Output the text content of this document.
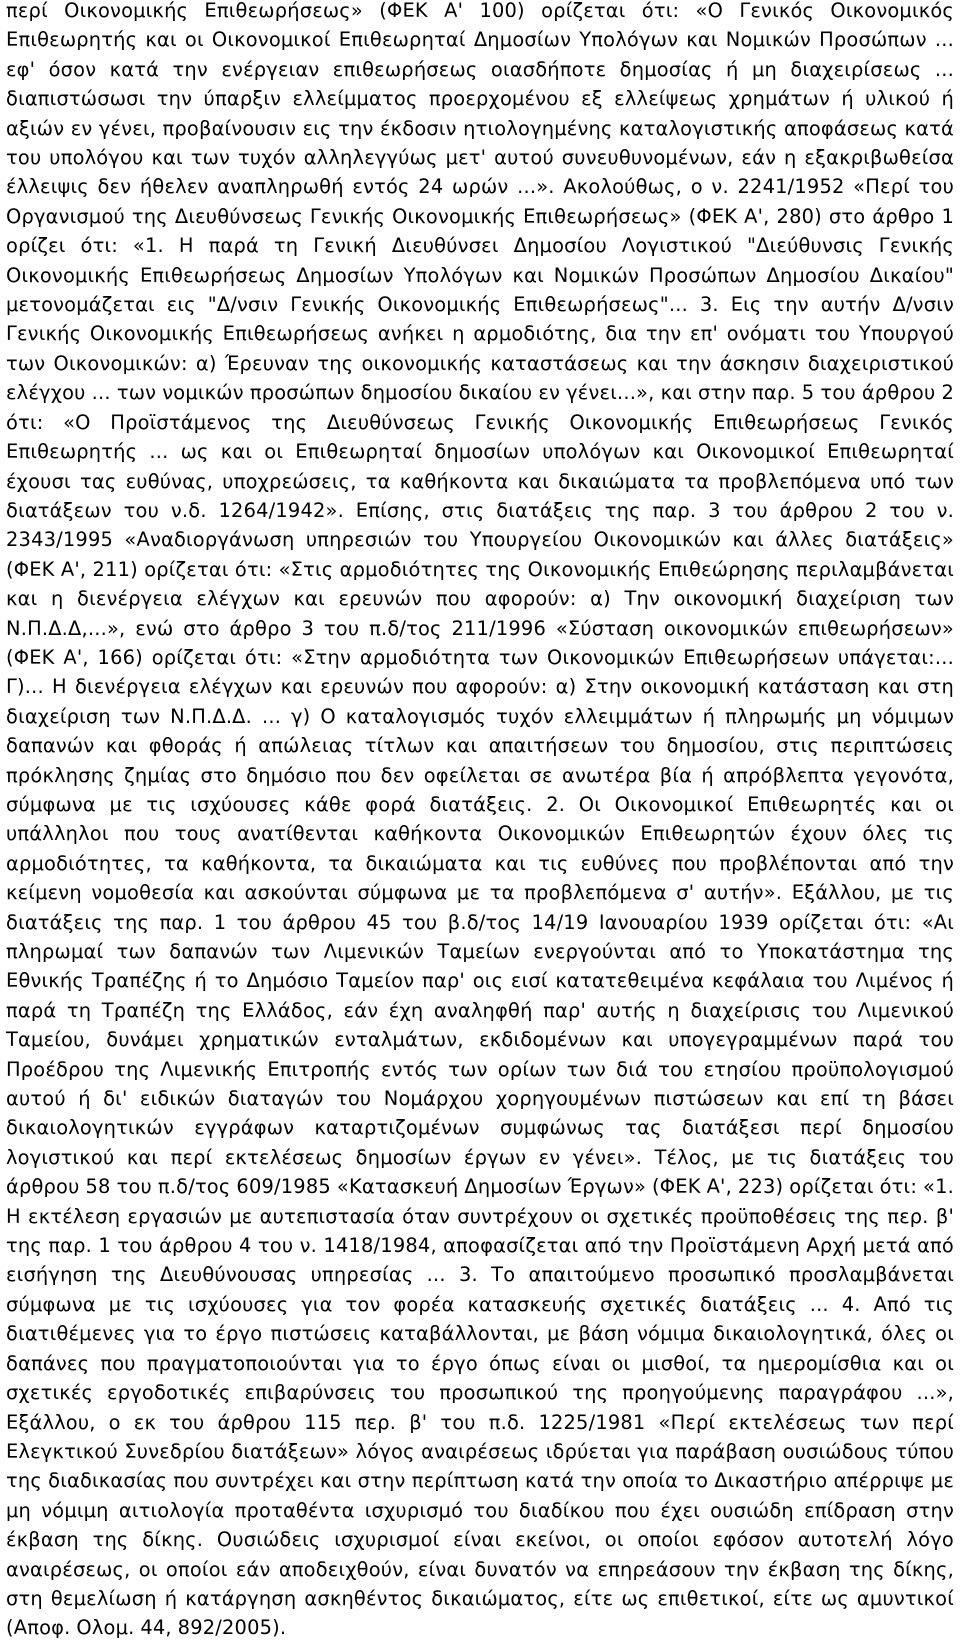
περί Οικονομικής Επιθεωρήσεως» (ΦΕΚ Α' 100) ορίζεται ότι: «Ο Γενικός Οικονομικός Επιθεωρητής και οι Οικονομικοί Επιθεωρηταί Δημοσίων Υπολόγων και Νομικών Προσώπων ... εφ' όσον κατά την ενέργειαν επιθεωρήσεως οιασδήποτε δημοσίας ή μη διαχειρίσεως ... διαπιστώσωσι την ύπαρξιν ελλείμματος προερχομένου εξ ελλείψεως χρημάτων ή υλικού ή αξιών εν γένει, προβαίνουσιν εις την έκδοσιν ητιολογημένης καταλογιστικής αποφάσεως κατά του υπολόγου και των τυχόν αλληλεγγύως μετ' αυτού συνευθυνομένων, εάν η εξακριβωθείσα έλλειψις δεν ήθελεν αναπληρωθή εντός 24 ωρών ...». Ακολούθως, ο ν. 2241/1952 «Περί του Οργανισμού της Διευθύνσεως Γενικής Οικονομικής Επιθεωρήσεως» (ΦΕΚ Α', 280) στο άρθρο 1 ορίζει ότι: «1. Η παρά τη Γενική Διευθύνσει Δημοσίου Λογιστικού "Διεύθυνσις Γενικής Οικονομικής Επιθεωρήσεως Δημοσίων Υπολόγων και Νομικών Προσώπων Δημοσίου Δικαίου" μετονομάζεται εις "Δ/νσιν Γενικής Οικονομικής Επιθεωρήσεως"... 3. Εις την αυτήν Δ/νσιν Γενικής Οικονομικής Επιθεωρήσεως ανήκει η αρμοδιότης, δια την επ' ονόματι του Υπουργού των Οικονομικών: α) Έρευναν της οικονομικής καταστάσεως και την άσκησιν διαχειριστικού ελέγχου ... των νομικών προσώπων δημοσίου δικαίου εν γένει...», και στην παρ. 5 του άρθρου 2 ότι: «Ο Προϊστάμενος της Διευθύνσεως Γενικής Οικονομικής Επιθεωρήσεως Γενικός Επιθεωρητής ... ως και οι Επιθεωρηταί δημοσίων υπολόγων και Οικονομικοί Επιθεωρηταί έχουσι τας ευθύνας, υποχρεώσεις, τα καθήκοντα και δικαιώματα τα προβλεπόμενα υπό των διατάξεων του ν.δ. 1264/1942». Επίσης, στις διατάξεις της παρ. 3 του άρθρου 2 του ν. 2343/1995 «Αναδιοργάνωση υπηρεσιών του Υπουργείου Οικονομικών και άλλες διατάξεις» (ΦΕΚ Α', 211) ορίζεται ότι: «Στις αρμοδιότητες της Οικονομικής Επιθεώρησης περιλαμβάνεται και η διενέργεια ελέγχων και ερευνών που αφορούν: α) Την οικονομική διαχείριση των Ν.Π.Δ.Δ,...», ενώ στο άρθρο 3 του π.δ/τος 211/1996 «Σύσταση οικονομικών επιθεωρήσεων» (ΦΕΚ Α', 166) ορίζεται ότι: «Στην αρμοδιότητα των Οικονομικών Επιθεωρήσεων υπάγεται:... Γ)... Η διενέργεια ελέγχων και ερευνών που αφορούν: α) Στην οικονομική κατάσταση και στη διαχείριση των Ν.Π.Δ.Δ. ... γ) Ο καταλογισμός τυχόν ελλειμμάτων ή πληρωμής μη νόμιμων δαπανών και φθοράς ή απώλειας τίτλων και απαιτήσεων του δημοσίου, στις περιπτώσεις πρόκλησης ζημίας στο δημόσιο που δεν οφείλεται σε ανωτέρα βία ή απρόβλεπτα γεγονότα, σύμφωνα με τις ισχύουσες κάθε φορά διατάξεις. 2. Οι Οικονομικοί Επιθεωρητές και οι υπάλληλοι που τους ανατίθενται καθήκοντα Οικονομικών Επιθεωρητών έχουν όλες τις αρμοδιότητες, τα καθήκοντα, τα δικαιώματα και τις ευθύνες που προβλέπονται από την κείμενη νομοθεσία και ασκούνται σύμφωνα με τα προβλεπόμενα σ' αυτήν». Εξάλλου, με τις διατάξεις της παρ. 1 του άρθρου 45 του β.δ/τος 14/19 Ιανουαρίου 1939 ορίζεται ότι: «Αι πληρωμαί των δαπανών των Λιμενικών Ταμείων ενεργούνται από το Υποκατάστημα της Εθνικής Τραπέζης ή το Δημόσιο Ταμείον παρ' οις εισί κατατεθειμένα κεφάλαια του Λιμένος ή παρά τη Τραπέζη της Ελλάδος, εάν έχη αναληφθή παρ' αυτής η διαχείρισις του Λιμενικού Ταμείου, δυνάμει χρηματικών ενταλμάτων, εκδιδομένων και υπογεγραμμένων παρά του Προέδρου της Λιμενικής Επιτροπής εντός των ορίων των διά του ετησίου προϋπολογισμού αυτού ή δι' ειδικών διαταγών του Νομάρχου χορηγουμένων πιστώσεων και επί τη βάσει δικαιολογητικών εγγράφων καταρτιζομένων συμφώνως τας διατάξεσι περί δημοσίου λογιστικού και περί εκτελέσεως δημοσίων έργων εν γένει». Τέλος, με τις διατάξεις του άρθρου 58 του π.δ/τος 609/1985 «Κατασκευή Δημοσίων Έργων» (ΦΕΚ Α', 223) ορίζεται ότι: «1. Η εκτέλεση εργασιών με αυτεπιστασία όταν συντρέχουν οι σχετικές προϋποθέσεις της περ. β' της παρ. 1 του άρθρου 4 του ν. 1418/1984, αποφασίζεται από την Προϊστάμενη Αρχή μετά από εισήγηση της Διευθύνουσας υπηρεσίας ... 3. Το απαιτούμενο προσωπικό προσλαμβάνεται σύμφωνα με τις ισχύουσες για τον φορέα κατασκευής σχετικές διατάξεις ... 4. Από τις διατιθέμενες για το έργο πιστώσεις καταβάλλονται, με βάση νόμιμα δικαιολογητικά, όλες οι δαπάνες που πραγματοποιούνται για το έργο όπως είναι οι μισθοί, τα ημερομίσθια και οι σχετικές εργοδοτικές επιβαρύνσεις του προσωπικού της προηγούμενης παραγράφου ...», Εξάλλου, ο εκ του άρθρου 115 περ. β' του π.δ. 1225/1981 «Περί εκτελέσεως των περί Ελεγκτικού Συνεδρίου διατάξεων» λόγος αναιρέσεως ιδρύεται για παράβαση ουσιώδους τύπου της διαδικασίας που συντρέχει και στην περίπτωση κατά την οποία το Δικαστήριο απέρριψε με μη νόμιμη αιτιολογία προταθέντα ισχυρισμό του διαδίκου που έχει ουσιώδη επίδραση στην έκβαση της δίκης. Ουσιώδεις ισχυρισμοί είναι εκείνοι, οι οποίοι εφόσον αυτοτελή λόγο αναιρέσεως, οι οποίοι εάν αποδειχθούν, είναι δυνατόν να επηρεάσουν την έκβαση της δίκης, στη θεμελίωση ή κατάργηση ασκηθέντος δικαιώματος, είτε ως επιθετικοί, είτε ως αμυντικοί (Αποφ. Ολομ. 44, 892/2005).
